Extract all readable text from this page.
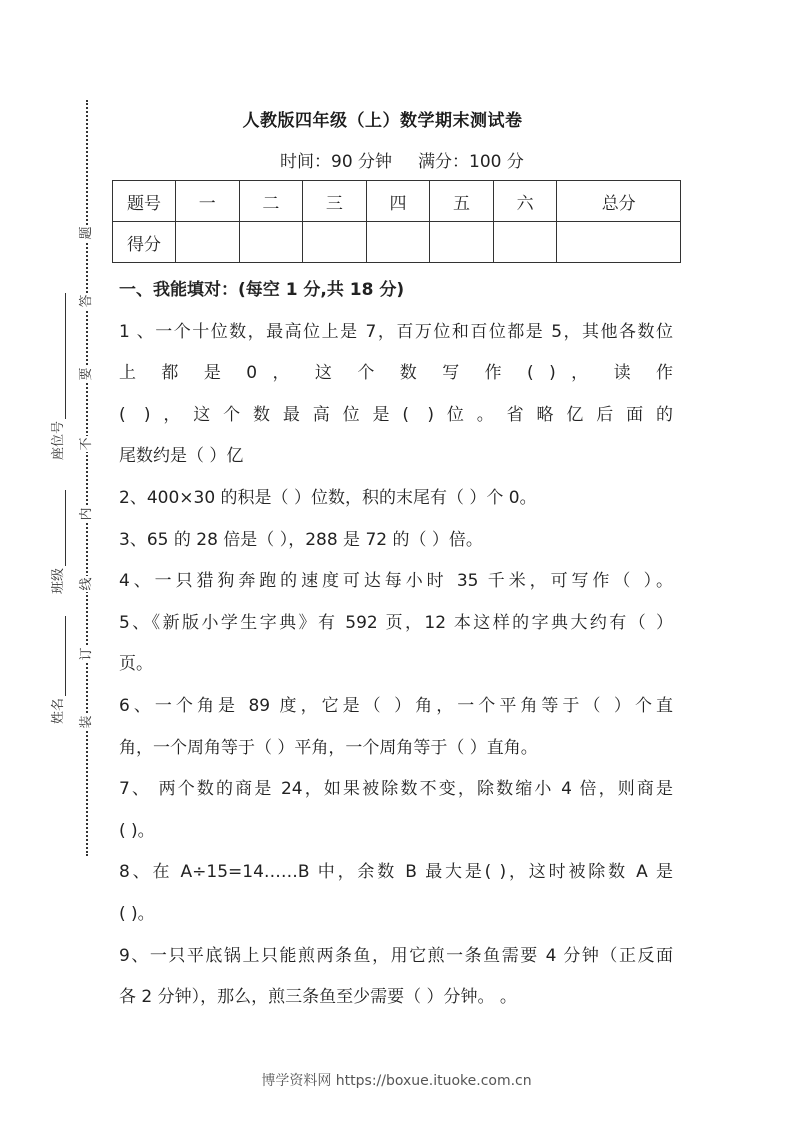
题
答
要
不
内
线
订
装
座位号
班级
姓名
人教版四年级（上）数学期末测试卷
时间：90 分钟 满分：100 分
题号	一	二	三	四	五	六	总分
得分							
一、我能填对：(每空 1 分,共 18 分)
1 、一个十位数，最高位上是 7，百万位和百位都是 5，其他各数位
上 都 是 0 ， 这 个 数 写 作 ( ) ， 读 作
( )，这个数最高位是( )位。省略亿后面的
尾数约是（ ）亿
2、400×30 的积是（ ）位数，积的末尾有（ ）个 0。
3、65 的 28 倍是（ ），288 是 72 的（ ）倍。
4、一只猎狗奔跑的速度可达每小时 35 千米，可写作（ ）。
5、《新版小学生字典》有 592 页，12 本这样的字典大约有（ ）
页。
6、一个角是 89 度，它是（ ）角，一个平角等于（ ）个直
角，一个周角等于（ ）平角，一个周角等于（ ）直角。
7、 两个数的商是 24，如果被除数不变，除数缩小 4 倍，则商是
( )。
8、在 A÷15=14……B 中，余数 B 最大是( )，这时被除数 A 是
( )。
9、一只平底锅上只能煎两条鱼，用它煎一条鱼需要 4 分钟（正反面
各 2 分钟），那么，煎三条鱼至少需要（ ）分钟。 。
博学资料网 https://boxue.ituoke.com.cn
